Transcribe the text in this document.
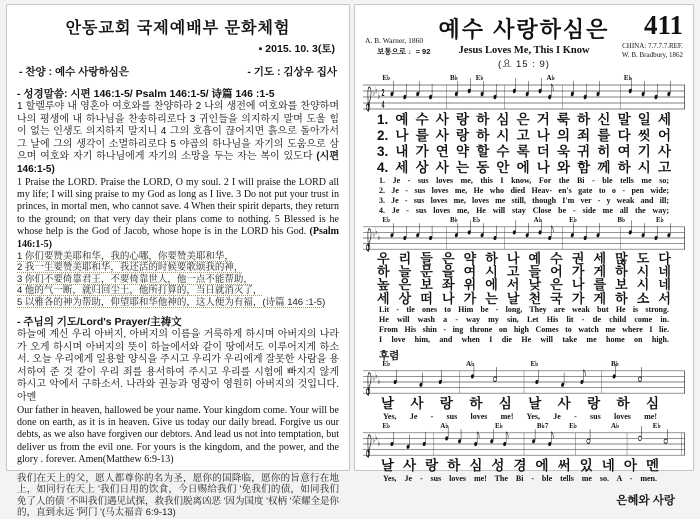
안동교회 국제예배부 문화체험
▪ 2015. 10. 3(토)
- 찬양 : 예수 사랑하심은	- 기도 : 김상우 집사
- 성경말씀: 시편 146:1-5/ Psalm 146:1-5/ 诗篇 146 :1-5
1 할렐루야 내 영혼아 여호와를 찬양하라 2 나의 생전에 여호와를 찬양하며 나의 평생에 내 하나님을 찬송하리로다 3 귀인들을 의지하지 말며 도울 힘이 없는 인생도 의지하지 말지니 4 그의 호흡이 끊어지면 흙으로 돌아가서 그 날에 그의 생각이 소멸하리로다 5 야곱의 하나님을 자기의 도움으로 삼으며 여호와 자기 하나님에게 자기의 소망을 두는 자는 복이 있도다 (시편 146:1-5)
1 Praise the LORD. Praise the LORD, O my soul. 2 I will praise the LORD all my life; I will sing praise to my God as long as I live. 3 Do not put your trust in princes, in mortal men, who cannot save. 4 When their spirit departs, they return to the ground; on that very day their plans come to nothing. 5 Blessed is he whose help is the God of Jacob, whose hope is in the LORD his God. (Psalm 146:1-5)
1 你们要赞美耶和华，我的心哪，你要赞美耶和华，
2 我一生要赞美耶和华，我还活的时候要歌颂我的神，
3 你们不要倚靠君王，不要倚靠世人，他一点不能帮助，
4 他的气一断，就归回尘土，他所打算的，当日就消灭了，
5 以雅各的神为帮助，仰望耶和华他神的，这人便为有福，(诗篇 146 :1-5)
- 주님의 기도/Lord's Prayer/主祷文
하늘에 계신 우리 아버지, 아버지의 이름을 거룩하게 하시며 아버지의 나라가 오게 하시며 아버지의 뜻이 하늘에서와 같이 땅에서도 이루어지게 하소서. 오늘 우리에게 일용할 양식을 주시고 우리가 우리에게 잘못한 사람을 용서하여 준 것 같이 우리 죄를 용서하여 주시고 우리를 시험에 빠지지 않게 하시고 악에서 구하소서. 나라와 권능과 영광이 영원히 아버지의 것입니다. 아멘
Our father in heaven, hallowed be your name. Your kingdom come. Your will be done on earth, as it is in heaven. Give us today our daily bread. Forgive us our debts, as we also have forgiven our debtors. And lead us not into temptation, but deliver us from the evil one. For yours is the kingdom, and the power, and the glory . forever. Amen(Matthew 6:9-13)
我们在天上的父，愿人都尊你的名为圣，愿你的国降临，愿你的旨意行在地上，如同行在天上 '我们日用的饮食，今日赐给我们 '免我们的债，如同我们免了人的债 '不叫我们遇见试探，救我们脱离凶恶 '因为国度 '权柄 '荣耀全是你的，直到永远 '阿门 '(马太福音 6:9-13)
예수 사랑하심은	411
Jesus Loves Me, This I Know
(요 15 : 9)
A. B. Warner, 1860
보통으로 ♩= 92
CHINA: 7.7.7.7.REF.
W. B. Bradbury, 1862
E♭	B♭	E♭	A♭	E♭
♭ ♭
♭ 2
4
1. 예 수 사 랑 하 심 은 거 룩 하 신 말 일 세
2. 나 를 사 랑 하 시 고 나 의 죄 를 다 씻 어
3. 내 가 연 약 할 수 록 더 욱 귀 히 여 기 사
4. 세 상 사 는 동 안 에 나 와 함 께 하 시 고
1. Je - sus loves me, this I know, For the Bi - ble tells me so;
2. Je - sus loves me, He who died Heav- en's gate to o - pen wide;
3. Je - sus loves me, loves me still, though I'm ver - y weak and ill;
4. Je - sus loves me, He will stay Close be - side me all the way;
E♭	B♭ E♭	A♭	E♭	B♭	E♭
♭ ♭ ♭
우 리 들 은 약 하 나 예 수 권 세 많 도 다
하 늘 문 을 여 시 고 들 어 가 게 하 시 네
높 은 보 좌 위 에 서 낮 은 나 를 보 시 네
세 상 떠 나 가 는 날 천 국 가 게 하 소 서
Lit - tle ones to Him be - long, They are weak but He is strong.
He will wash a - way my sin, Let His lit - tle child come in.
From His shin - ing throne on high Comes to watch me where I lie.
I love him, and when I die He will take me home on high.
후렴
E♭	A♭	E♭	B♭
♭ ♭ ♭
날 사 랑 하 심 날 사 랑 하 심
Yes, Je - sus loves me! Yes, Je - sus loves me!
E♭	A♭	E♭	B♭7	E♭	A♭	E♭
♭ ♭ ♭
날 사 랑 하 심 성 경 에 써 있 네 아 멘
Yes, Je - sus loves me! The Bi - ble tells me so. A - men.
은혜와 사랑
